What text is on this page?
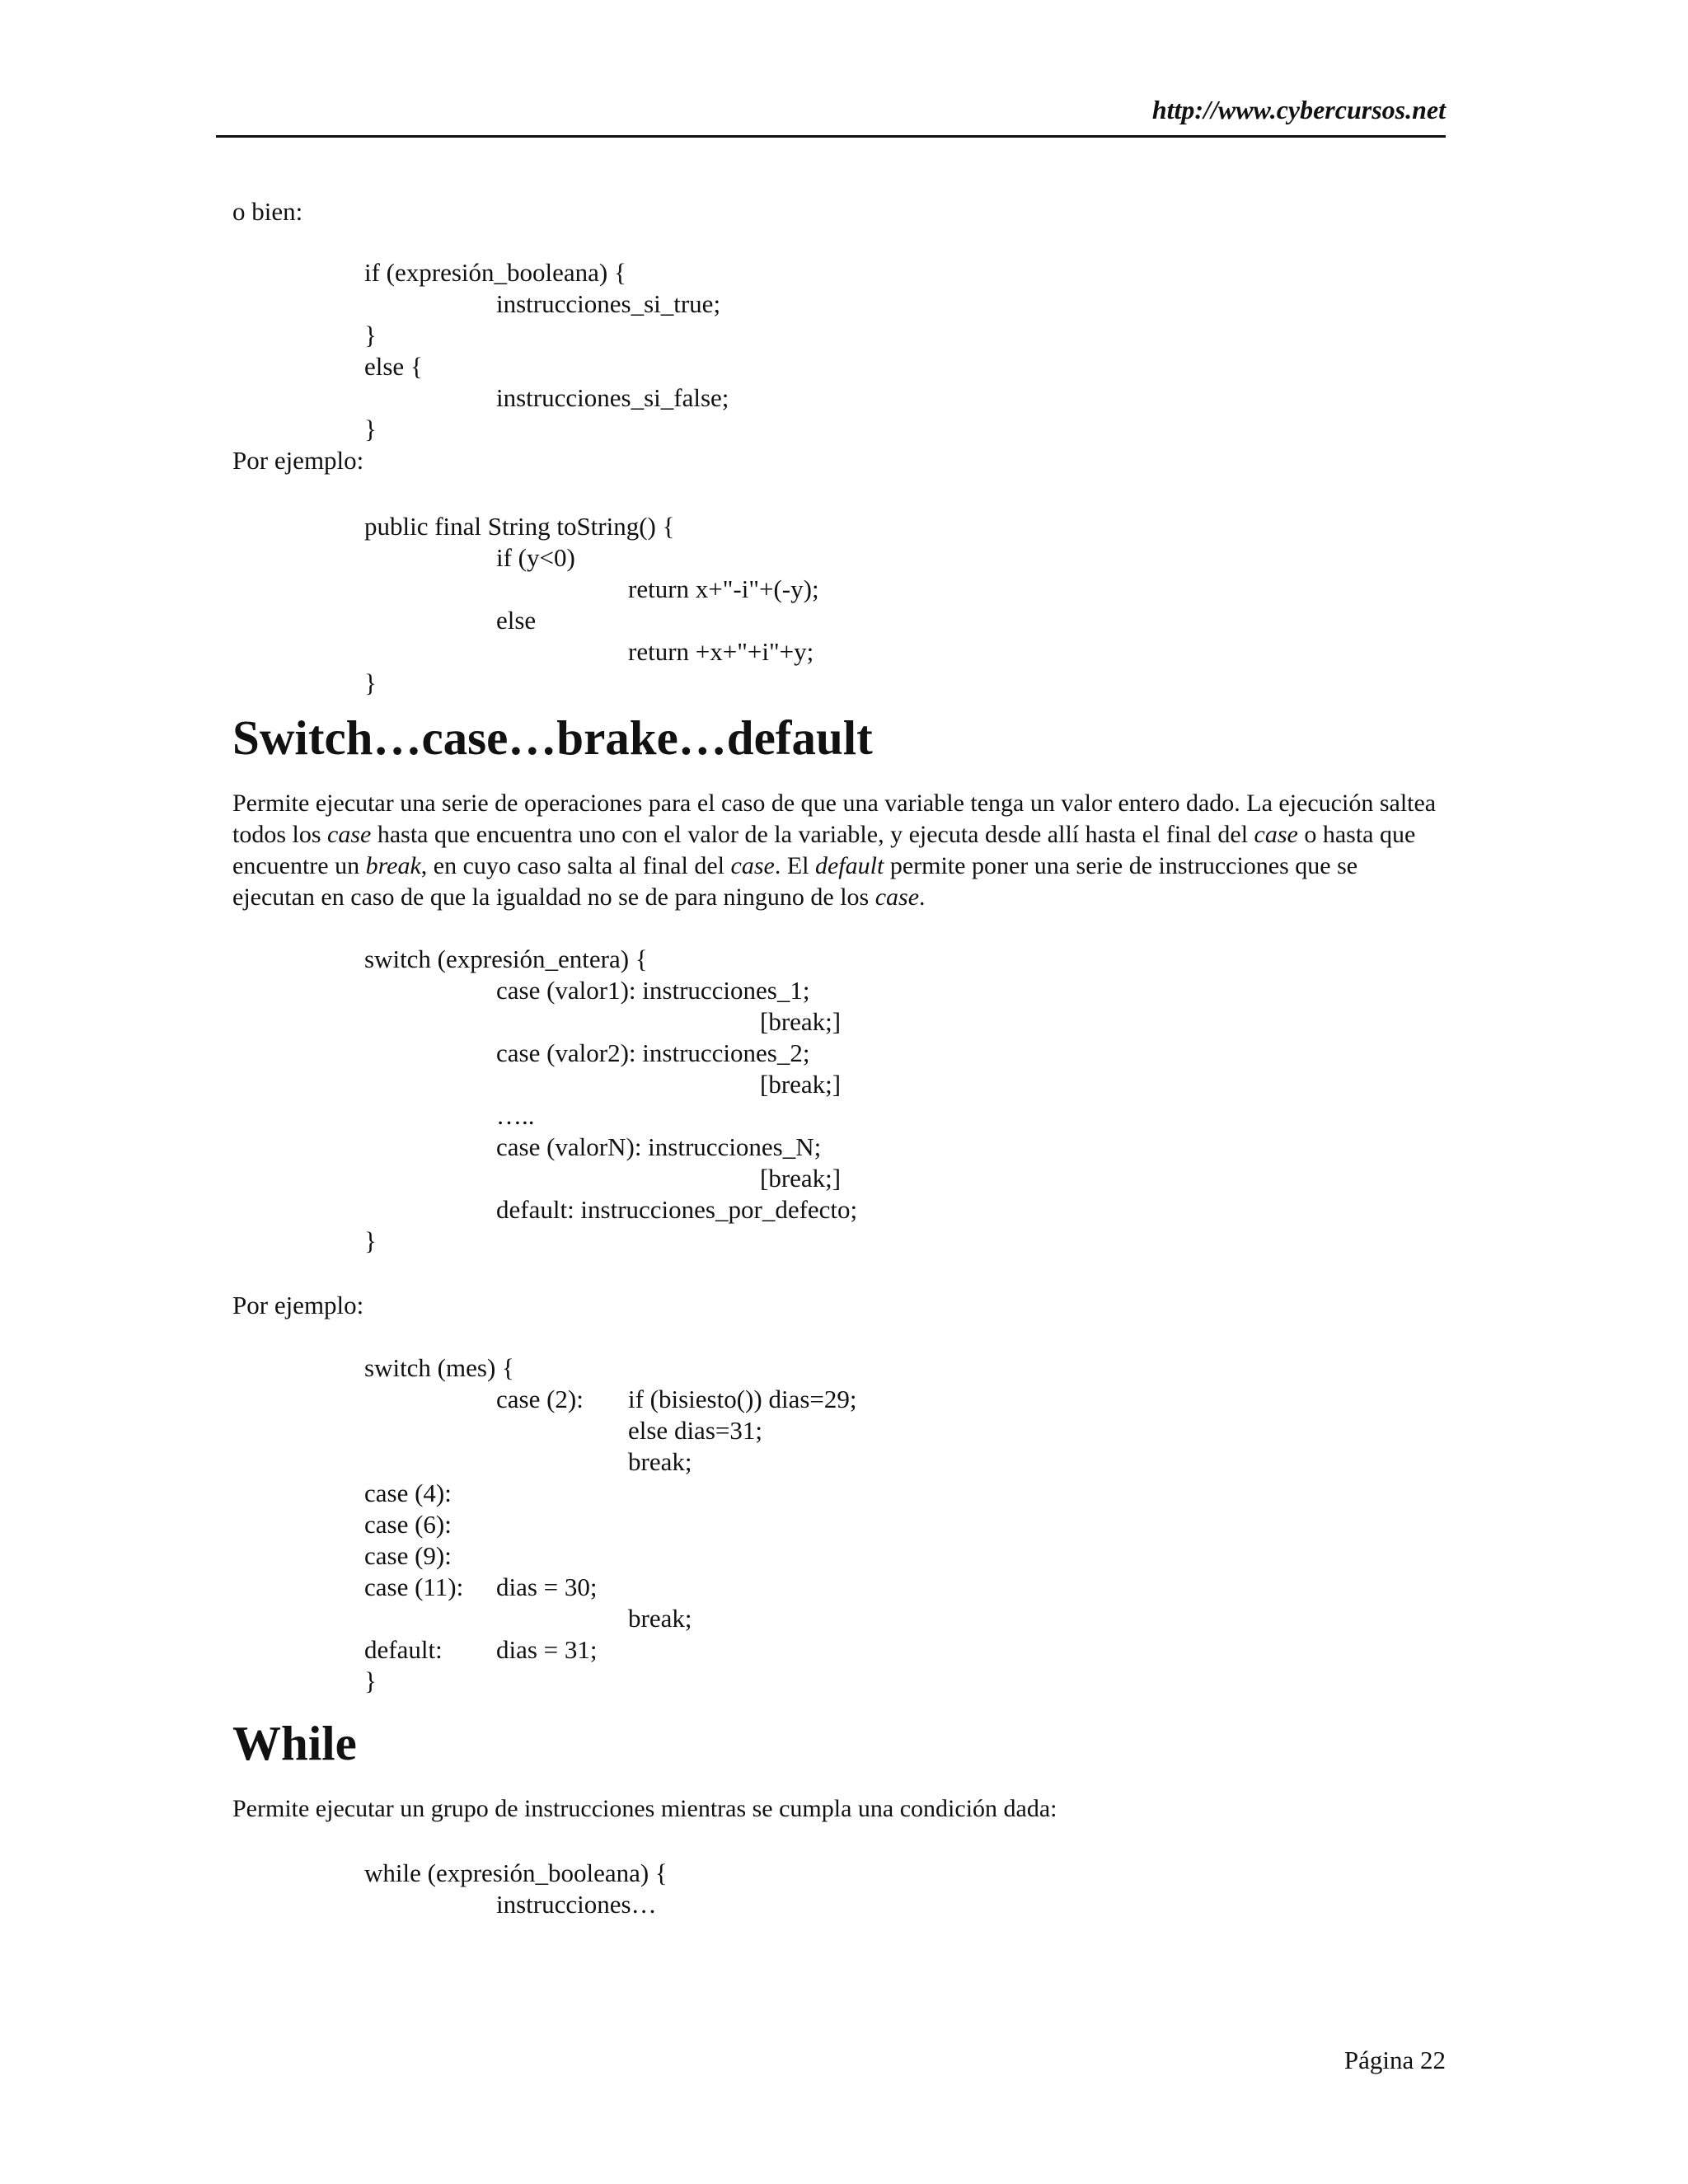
http://www.cybercursos.net
o bien:
if (expresión_booleana) {
instrucciones_si_true;
}
else {
instrucciones_si_false;
}
Por ejemplo:
public final String toString() {
if (y<0)
return x+"-i"+(-y);
else
return +x+"+i"+y;
}
Switch…case…brake…default

Permite ejecutar una serie de operaciones para el caso de que una variable tenga un valor entero dado. La ejecución saltea todos los case hasta que encuentra uno con el valor de la variable, y ejecuta desde allí hasta el final del case o hasta que encuentre un break, en cuyo caso salta al final del case. El default permite poner una serie de instrucciones que se ejecutan en caso de que la igualdad no se de para ninguno de los case.

switch (expresión_entera) {
case (valor1): instrucciones_1;
[break;]
case (valor2): instrucciones_2;
[break;]
…..
case (valorN): instrucciones_N;
[break;]
default: instrucciones_por_defecto;
}
Por ejemplo:
switch (mes) {
case (2): if (bisiesto()) dias=29;
else dias=31;
break;
case (4):
case (6):
case (9):
case (11): dias = 30;
break;
default: dias = 31;
}
While

Permite ejecutar un grupo de instrucciones mientras se cumpla una condición dada:

while (expresión_booleana) {
instrucciones…
Página 22
